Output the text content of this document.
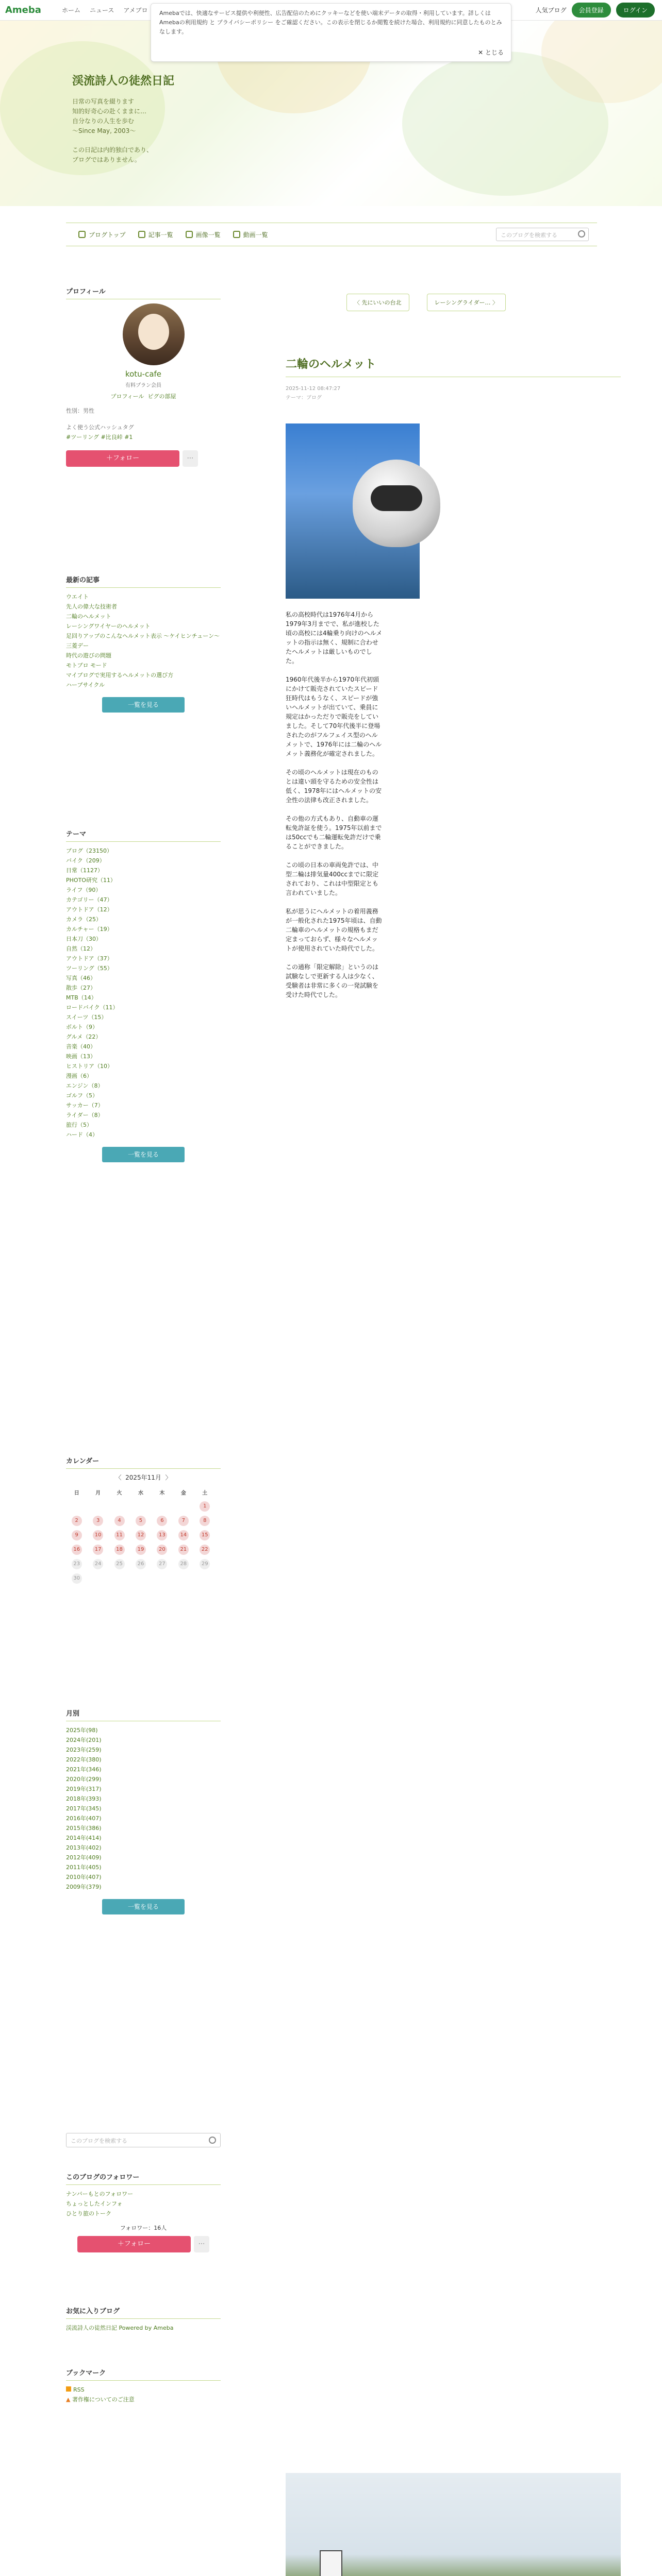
Ameba	ホーム ニュース アメブロ	人気ブログ	会員登録	ログイン
渓流詩人の徒然日記
日常の写真を綴ります
知的好奇心の赴くままに…
自分なりの人生を歩む
～Since May, 2003～
この日記は内的独白であり、
ブログではありません。
Amebaでは、快適なサービス提供や利便性、広告配信のためにクッキーなどを使い端末データの取得・利用しています。詳しくは Amebaの利用規約 と プライバシーポリシー をご確認ください。この表示を閉じるか閲覧を続けた場合、利用規約に同意したものとみなします。
✕ とじる
ブログトップ	記事一覧	画像一覧	動画一覧	このブログを検索する
プロフィール
kotu-cafe
有料プラン会員
プロフィール ピグの部屋
性別：男性
よく使う公式ハッシュタグ
#ツーリング #比良峠 #1
＋フォロー	⋯
最新の記事
ウエイト
先人の偉大な技術者
二輪のヘルメット
レーシングワイヤーのヘルメット
足回りアップのこんなヘルメット表示 ～ケイヒンチューン～ 三菱デー
時代の遊びの問題
モトブロ モード
マイブログで実用するヘルメットの選び方
ハーブサイクル
一覧を見る
テーマ
ブログ（23150）
バイク（209）
日常（1127）
PHOTO研究（11）
ライフ（90）
カテゴリー（47）
アウトドア（12）
カメラ（25）
カルチャー（19）
日本刀（30）
自然（12）
アウトドア（37）
ツーリング（55）
写真（46）
散歩（27）
MTB（14）
ロードバイク（11）
スイーツ（15）
ボルト（9）
グルメ（22）
音楽（40）
映画（13）
ヒストリア（10）
漫画（6）
エンジン（8）
ゴルフ（5）
サッカー（7）
ライダー（8）
旅行（5）
ハード（4）
一覧を見る
カレンダー
〈 2025年11月 〉
日	月	火	水	木	金	土
						1
2	3	4	5	6	7	8
9	10	11	12	13	14	15
16	17	18	19	20	21	22
23	24	25	26	27	28	29
30						
月別
2025年(98)
2024年(201)
2023年(259)
2022年(380)
2021年(346)
2020年(299)
2019年(317)
2018年(393)
2017年(345)
2016年(407)
2015年(386)
2014年(414)
2013年(402)
2012年(409)
2011年(405)
2010年(407)
2009年(379)
一覧を見る
このブログを検索する
このブログのフォロワー
ナンバーもとのフォロワー
ちょっとしたインフォ
ひとり旅のトーク
フォロワー：16人
＋フォロー	⋯
お気に入りブログ
渓流詩人の徒然日記 Powered by Ameba
ブックマーク
RSS
▲ 著作権についてのご注意
〈 先にいいの台北	レーシングライダー… 〉
二輪のヘルメット
2025-11-12 08:47:27
テーマ：ブログ

私の高校時代は1976年4月から1979年3月までで、私が進校した頃の高校には4輪乗り向けのヘルメットの指示は無く、規制に合わせたヘルメットは厳しいものでした。

1960年代後半から1970年代初頭にかけて販売されていたスピード狂時代はもうなく、スピードが強いヘルメットが出ていて、乗員に規定はかっただりで販売をしていました。そして70年代後半に登場されたのがフルフェイス型のヘルメットで、1976年には二輪のヘルメット義務化が確定されました。

その頃のヘルメットは現在のものとは違い頭を守るための安全性は低く、1978年にはヘルメットの安全性の法律も改正されました。

その他の方式もあり、自動車の運転免許証を使う。1975年以前までは50ccでも二輪運転免許だけで乗ることができました。

この頃の日本の車両免許では、中型二輪は排気量400ccまでに限定されており、これは中型限定とも言われていました。

私が思うにヘルメットの着用義務が一般化された1975年頃は、自動二輪車のヘルメットの規格もまだ定まっておらず、様々なヘルメットが使用されていた時代でした。

この通称「限定解除」というのは試験なしで更新する人は少なく、受験者は非常に多くの一発試験を受けた時代でした。
